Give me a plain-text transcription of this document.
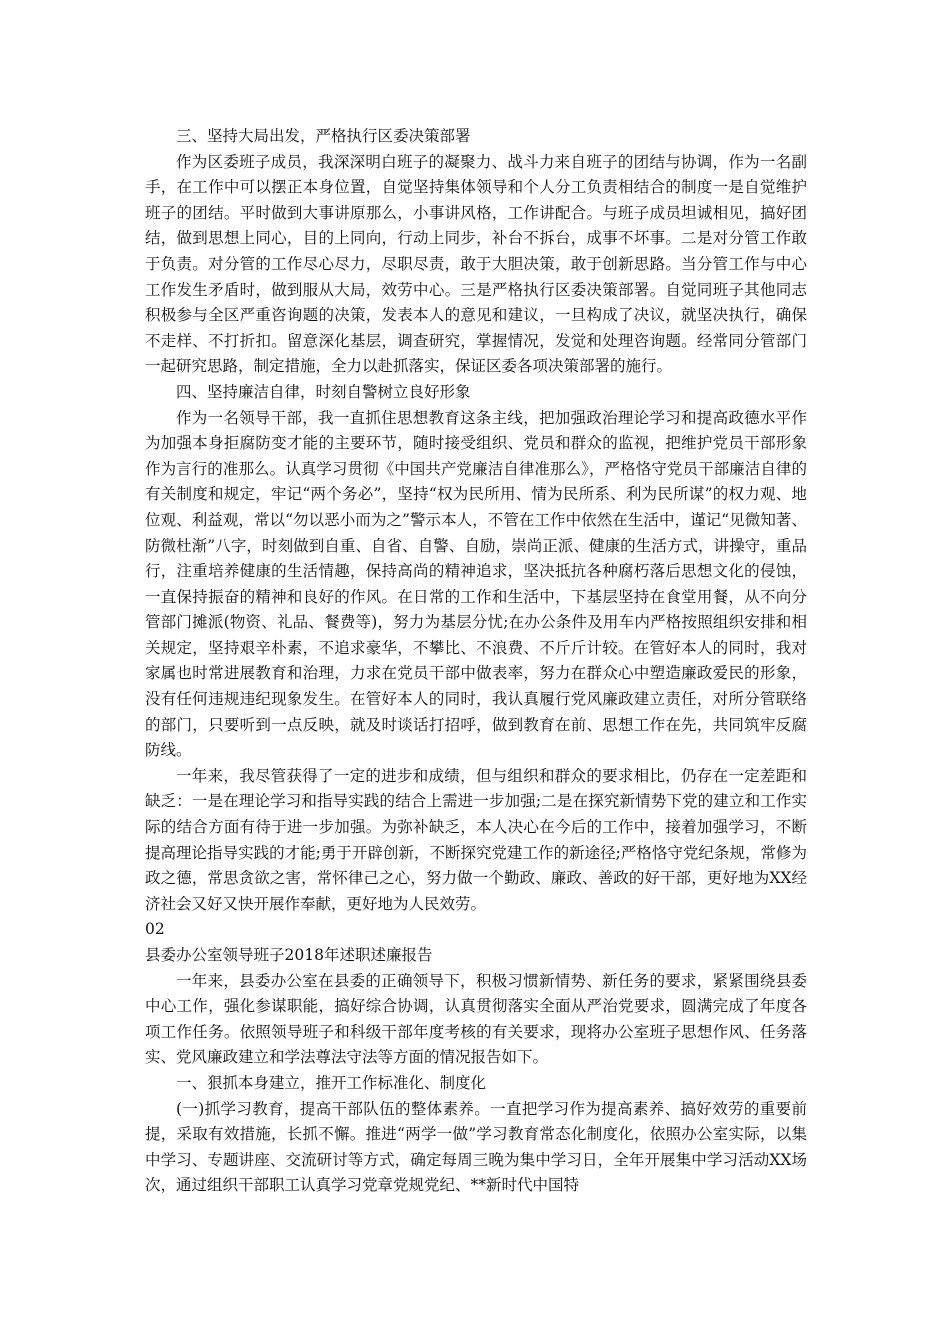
三、坚持大局出发，严格执行区委决策部署

作为区委班子成员，我深深明白班子的凝聚力、战斗力来自班子的团结与协调，作为一名副手，在工作中可以摆正本身位置，自觉坚持集体领导和个人分工负责相结合的制度一是自觉维护班子的团结。平时做到大事讲原那么，小事讲风格，工作讲配合。与班子成员坦诚相见，搞好团结，做到思想上同心，目的上同向，行动上同步，补台不拆台，成事不坏事。二是对分管工作敢于负责。对分管的工作尽心尽力，尽职尽责，敢于大胆决策，敢于创新思路。当分管工作与中心工作发生矛盾时，做到服从大局，效劳中心。三是严格执行区委决策部署。自觉同班子其他同志积极参与全区严重咨询题的决策，发表本人的意见和建议，一旦构成了决议，就坚决执行，确保不走样、不打折扣。留意深化基层，调查研究，掌握情况，发觉和处理咨询题。经常同分管部门一起研究思路，制定措施，全力以赴抓落实，保证区委各项决策部署的施行。

四、坚持廉洁自律，时刻自警树立良好形象

作为一名领导干部，我一直抓住思想教育这条主线，把加强政治理论学习和提高政德水平作为加强本身拒腐防变才能的主要环节，随时接受组织、党员和群众的监视，把维护党员干部形象作为言行的准那么。认真学习贯彻《中国共产党廉洁自律准那么》，严格恪守党员干部廉洁自律的有关制度和规定，牢记“两个务必”，坚持“权为民所用、情为民所系、利为民所谋”的权力观、地位观、利益观，常以“勿以恶小而为之”警示本人，不管在工作中依然在生活中，谨记“见微知著、防微杜渐”八字，时刻做到自重、自省、自警、自励，崇尚正派、健康的生活方式，讲操守，重品行，注重培养健康的生活情趣，保持高尚的精神追求，坚决抵抗各种腐朽落后思想文化的侵蚀，一直保持振奋的精神和良好的作风。在日常的工作和生活中，下基层坚持在食堂用餐，从不向分管部门摊派(物资、礼品、餐费等)，努力为基层分忧;在办公条件及用车内严格按照组织安排和相关规定，坚持艰辛朴素，不追求豪华，不攀比、不浪费、不斤斤计较。在管好本人的同时，我对家属也时常进展教育和治理，力求在党员干部中做表率，努力在群众心中塑造廉政爱民的形象，没有任何违规违纪现象发生。在管好本人的同时，我认真履行党风廉政建立责任，对所分管联络的部门，只要听到一点反映，就及时谈话打招呼，做到教育在前、思想工作在先，共同筑牢反腐防线。

一年来，我尽管获得了一定的进步和成绩，但与组织和群众的要求相比，仍存在一定差距和缺乏：一是在理论学习和指导实践的结合上需进一步加强;二是在探究新情势下党的建立和工作实际的结合方面有待于进一步加强。为弥补缺乏，本人决心在今后的工作中，接着加强学习，不断提高理论指导实践的才能;勇于开辟创新，不断探究党建工作的新途径;严格恪守党纪条规，常修为政之德，常思贪欲之害，常怀律己之心，努力做一个勤政、廉政、善政的好干部，更好地为XX经济社会又好又快开展作奉献，更好地为人民效劳。

02

县委办公室领导班子2018年述职述廉报告

一年来，县委办公室在县委的正确领导下，积极习惯新情势、新任务的要求，紧紧围绕县委中心工作，强化参谋职能，搞好综合协调，认真贯彻落实全面从严治党要求，圆满完成了年度各项工作任务。依照领导班子和科级干部年度考核的有关要求，现将办公室班子思想作风、任务落实、党风廉政建立和学法尊法守法等方面的情况报告如下。

一、狠抓本身建立，推开工作标准化、制度化

(一)抓学习教育，提高干部队伍的整体素养。一直把学习作为提高素养、搞好效劳的重要前提，采取有效措施，长抓不懈。推进“两学一做”学习教育常态化制度化，依照办公室实际，以集中学习、专题讲座、交流研讨等方式，确定每周三晚为集中学习日，全年开展集中学习活动XX场次，通过组织干部职工认真学习党章党规党纪、**新时代中国特
